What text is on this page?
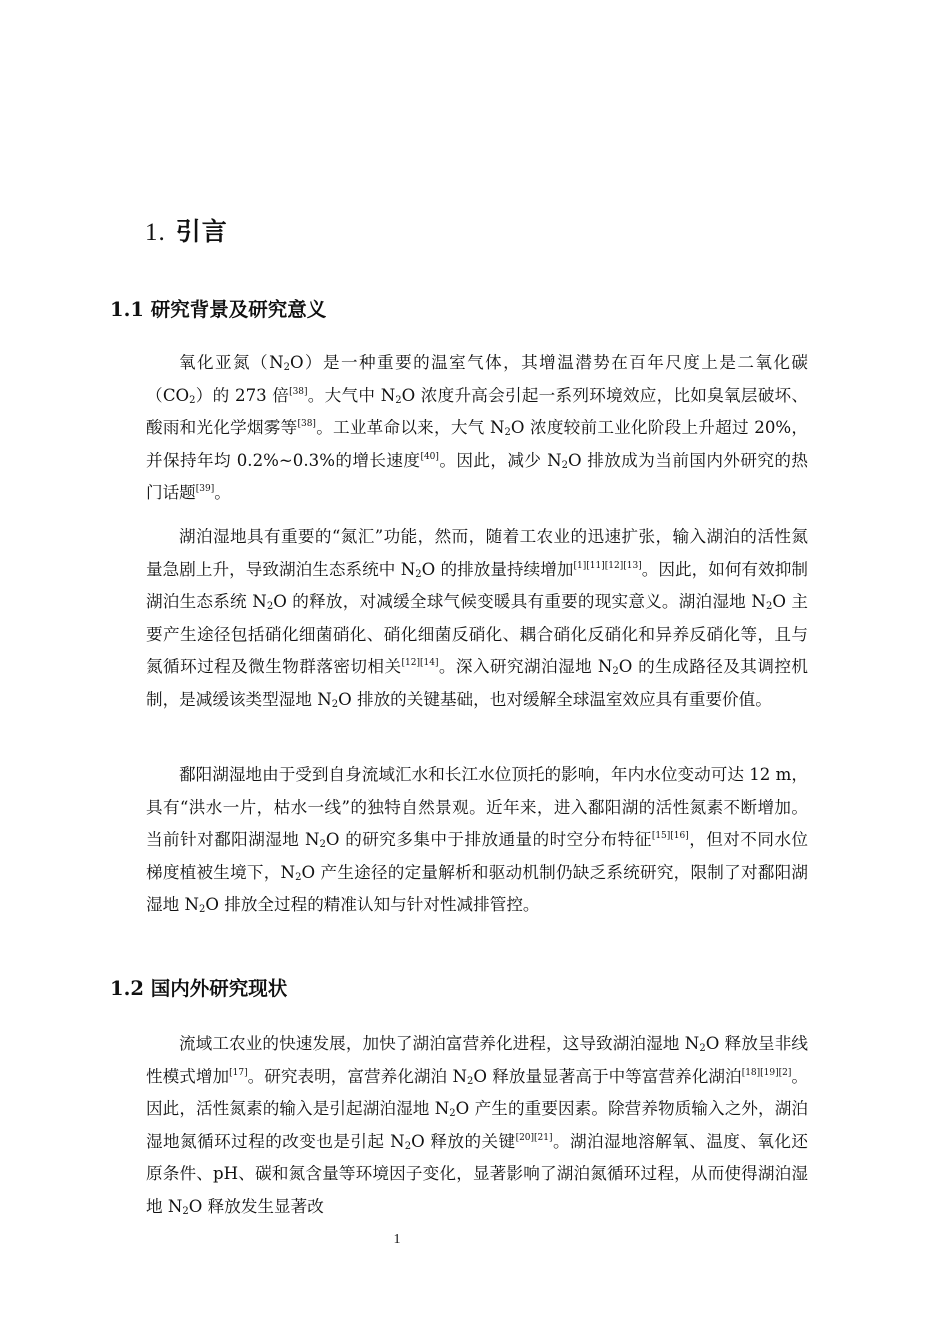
1. 引言
1.1 研究背景及研究意义

氧化亚氮$(N_2O)$是一种重要的温室气体，其增温潜势在百年尺度上是二氧化碳$(CO_2)$的 273 倍[38]。大气中 $N_2O$ 浓度升高会引起一系列环境效应，比如臭氧层破坏、酸雨和光化学烟雾等[38]。工业革命以来，大气 $N_2O$ 浓度较前工业化阶段上升超过 20%，并保持年均 0.2%~0.3%的增长速度[40]。因此，减少 $N_2O$ 排放成为当前国内外研究的热门话题[39]。

湖泊湿地具有重要的“氮汇”功能，然而，随着工农业的迅速扩张，输入湖泊的活性氮量急剧上升，导致湖泊生态系统中 $N_2O$ 的排放量持续增加[1][11][12][13]。因此，如何有效抑制湖泊生态系统 $N_2O$ 的释放，对减缓全球气候变暖具有重要的现实意义。湖泊湿地 $N_2O$ 主要产生途径包括硝化细菌硝化、硝化细菌反硝化、耦合硝化反硝化和异养反硝化等，且与氮循环过程及微生物群落密切相关[12][14]。深入研究湖泊湿地 $N_2O$ 的生成路径及其调控机制，是减缓该类型湿地 $N_2O$ 排放的关键基础，也对缓解全球温室效应具有重要价值。

鄱阳湖湿地由于受到自身流域汇水和长江水位顶托的影响，年内水位变动可达 12 m，具有“洪水一片，枯水一线”的独特自然景观。近年来，进入鄱阳湖的活性氮素不断增加。当前针对鄱阳湖湿地 $N_2O$ 的研究多集中于排放通量的时空分布特征[15][16]，但对不同水位梯度植被生境下，$N_2O$ 产生途径的定量解析和驱动机制仍缺乏系统研究，限制了对鄱阳湖湿地 $N_2O$ 排放全过程的精准认知与针对性减排管控。

1.2 国内外研究现状

流域工农业的快速发展，加快了湖泊富营养化进程，这导致湖泊湿地 $N_2O$ 释放呈非线性模式增加[17]。研究表明，富营养化湖泊 $N_2O$ 释放量显著高于中等富营养化湖泊[18][19][2]。因此，活性氮素的输入是引起湖泊湿地 $N_2O$ 产生的重要因素。除营养物质输入之外，湖泊湿地氮循环过程的改变也是引起 $N_2O$ 释放的关键[20][21]。湖泊湿地溶解氧、温度、氧化还原条件、pH、碳和氮含量等环境因子变化，显著影响了湖泊氮循环过程，从而使得湖泊湿地 $N_2O$ 释放发生显著改

1
